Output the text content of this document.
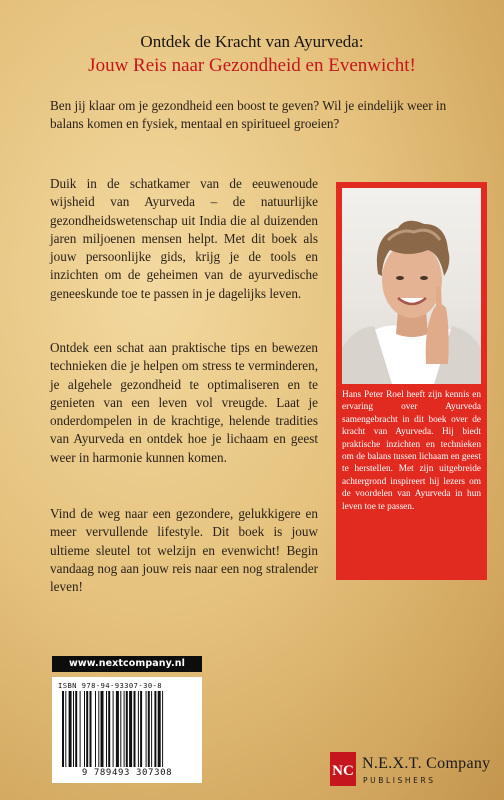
Ontdek de Kracht van Ayurveda:
Jouw Reis naar Gezondheid en Evenwicht!

Ben jij klaar om je gezondheid een boost te geven? Wil je eindelijk weer in balans komen en fysiek, mentaal en spiritueel groeien?

Duik in de schatkamer van de eeuwenoude wijsheid van Ayurveda – de natuurlijke gezondheidswetenschap uit India die al duizenden jaren miljoenen mensen helpt. Met dit boek als jouw persoonlijke gids, krijg je de tools en inzichten om de geheimen van de ayurvedische geneeskunde toe te passen in je dagelijks leven.

Ontdek een schat aan praktische tips en bewezen technieken die je helpen om stress te verminderen, je algehele gezondheid te optimaliseren en te genieten van een leven vol vreugde. Laat je onderdompelen in de krachtige, helende tradities van Ayurveda en ontdek hoe je lichaam en geest weer in harmonie kunnen komen.

Vind de weg naar een gezondere, gelukkigere en meer vervullende lifestyle. Dit boek is jouw ultieme sleutel tot welzijn en evenwicht! Begin vandaag nog aan jouw reis naar een nog stralender leven!

Hans Peter Roel heeft zijn kennis en ervaring over Ayurveda samengebracht in dit boek over de kracht van Ayurveda. Hij biedt praktische inzichten en technieken om de balans tussen lichaam en geest te herstellen. Met zijn uitgebreide achtergrond inspireert hij lezers om de voordelen van Ayurveda in hun leven toe te passen.

www.nextcompany.nl
ISBN 978-94-93307-30-8
9 789493 307308	NC N.E.X.T. Company
PUBLISHERS
